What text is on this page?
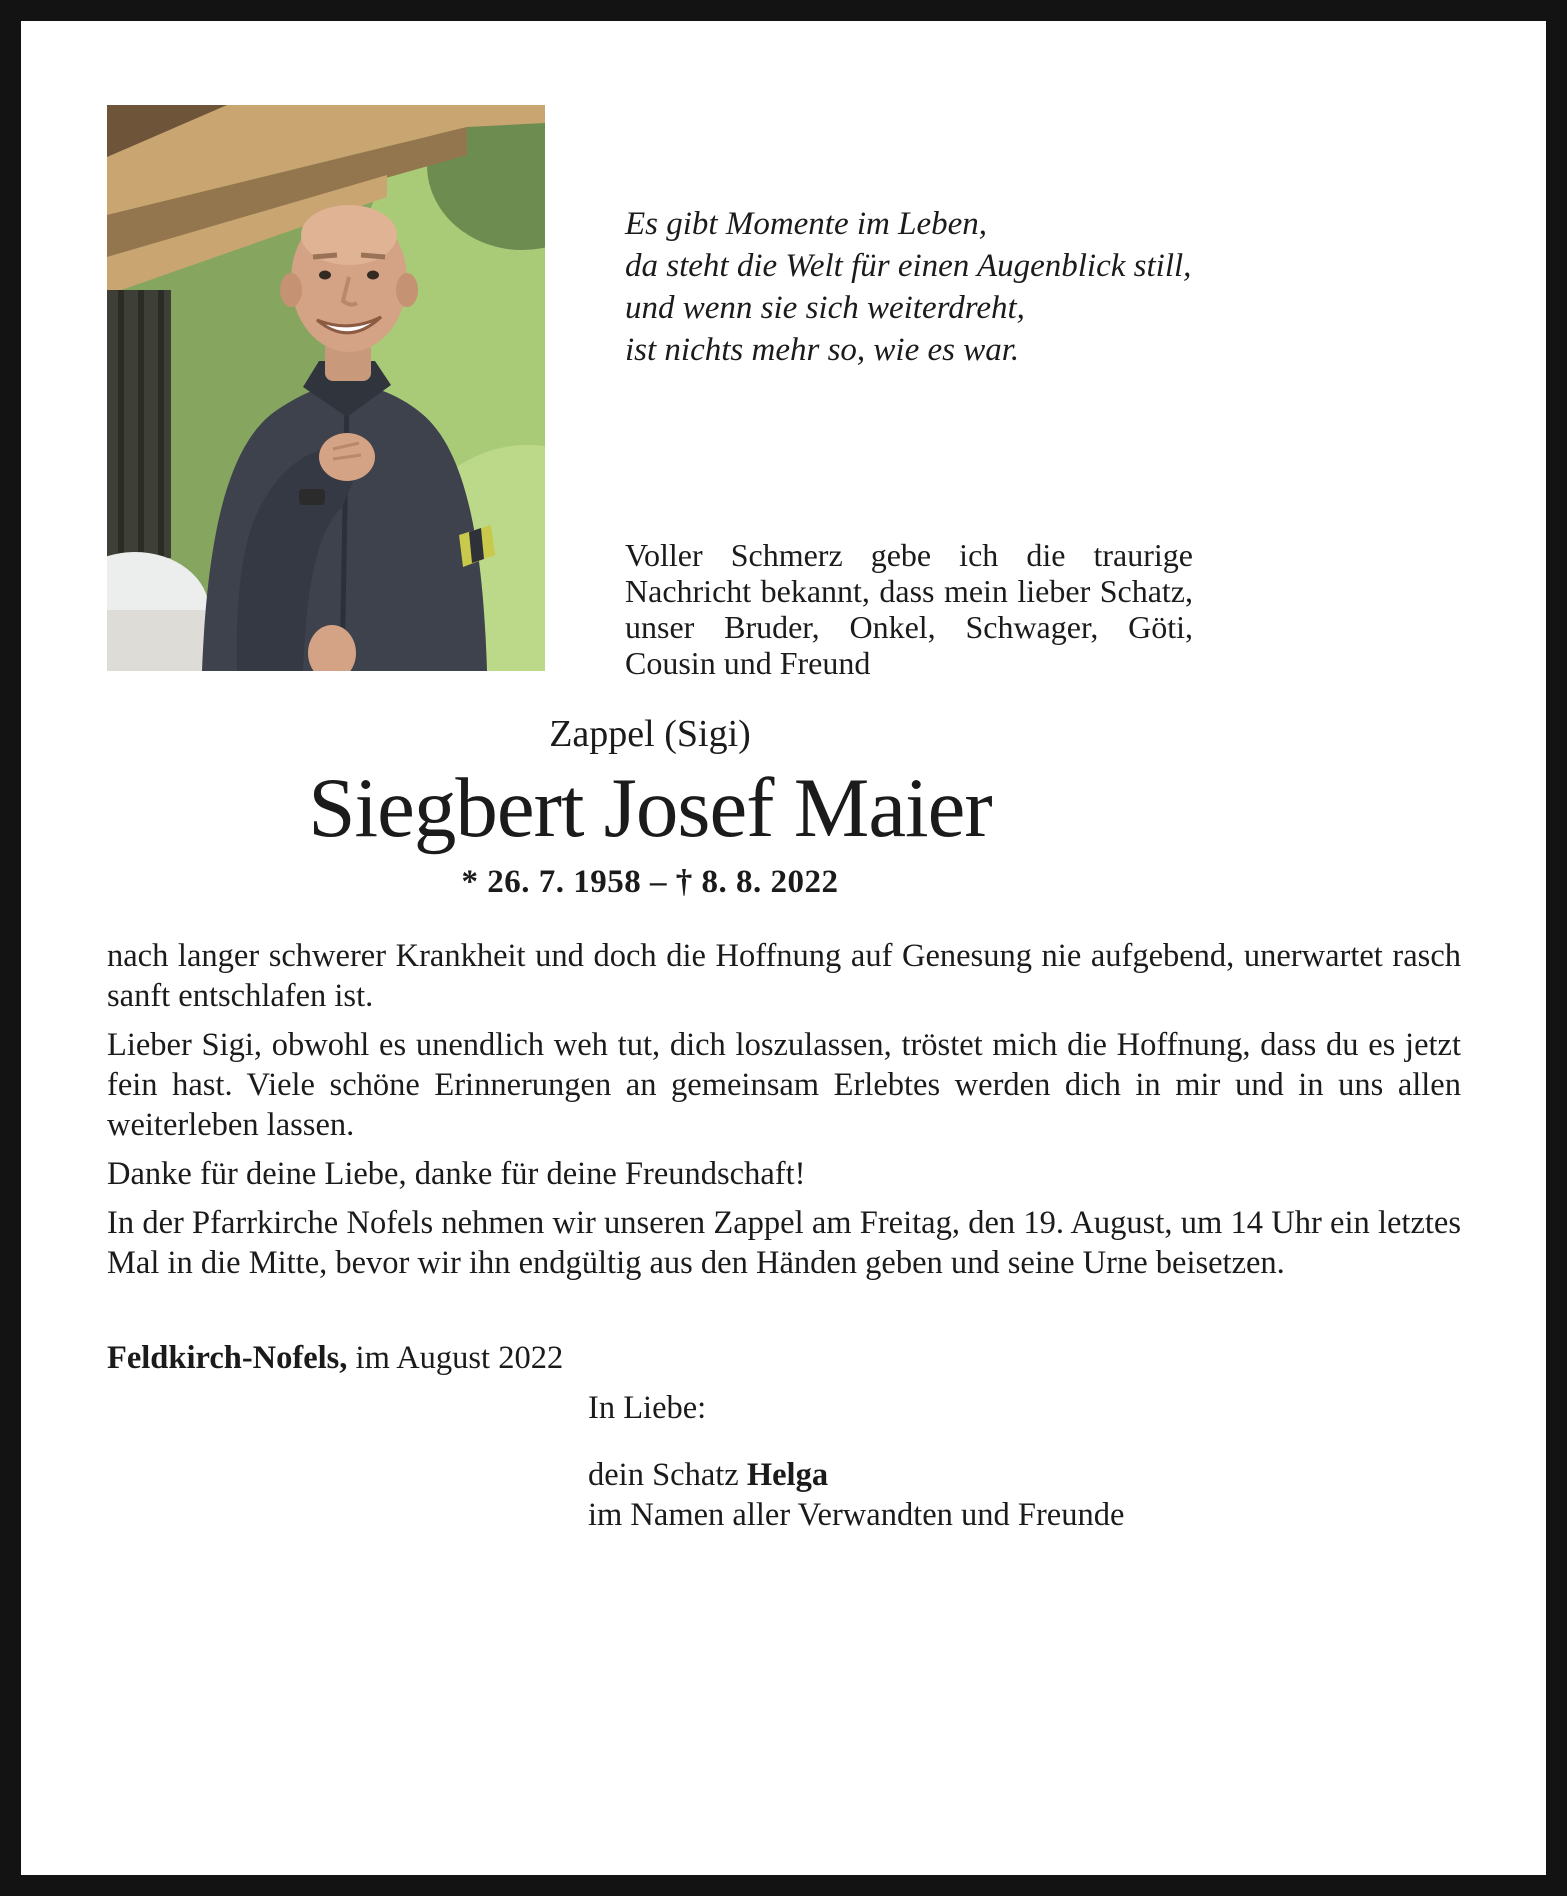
Es gibt Momente im Leben,
da steht die Welt für einen Augenblick still,
und wenn sie sich weiterdreht,
ist nichts mehr so, wie es war.
Voller Schmerz gebe ich die traurige Nachricht bekannt, dass mein lieber Schatz, unser Bruder, Onkel, Schwager, Göti, Cousin und Freund
Zappel (Sigi)
Siegbert Josef Maier
* 26. 7. 1958 – † 8. 8. 2022

nach langer schwerer Krankheit und doch die Hoffnung auf Genesung nie aufgebend, unerwartet rasch sanft entschlafen ist.

Lieber Sigi, obwohl es unendlich weh tut, dich loszulassen, tröstet mich die Hoffnung, dass du es jetzt fein hast. Viele schöne Erinnerungen an gemeinsam Erlebtes werden dich in mir und in uns allen weiterleben lassen.

Danke für deine Liebe, danke für deine Freundschaft!

In der Pfarrkirche Nofels nehmen wir unseren Zappel am Freitag, den 19. August, um 14 Uhr ein letztes Mal in die Mitte, bevor wir ihn endgültig aus den Händen geben und seine Urne beisetzen.

Feldkirch-Nofels, im August 2022
In Liebe:
dein Schatz Helga
im Namen aller Verwandten und Freunde
